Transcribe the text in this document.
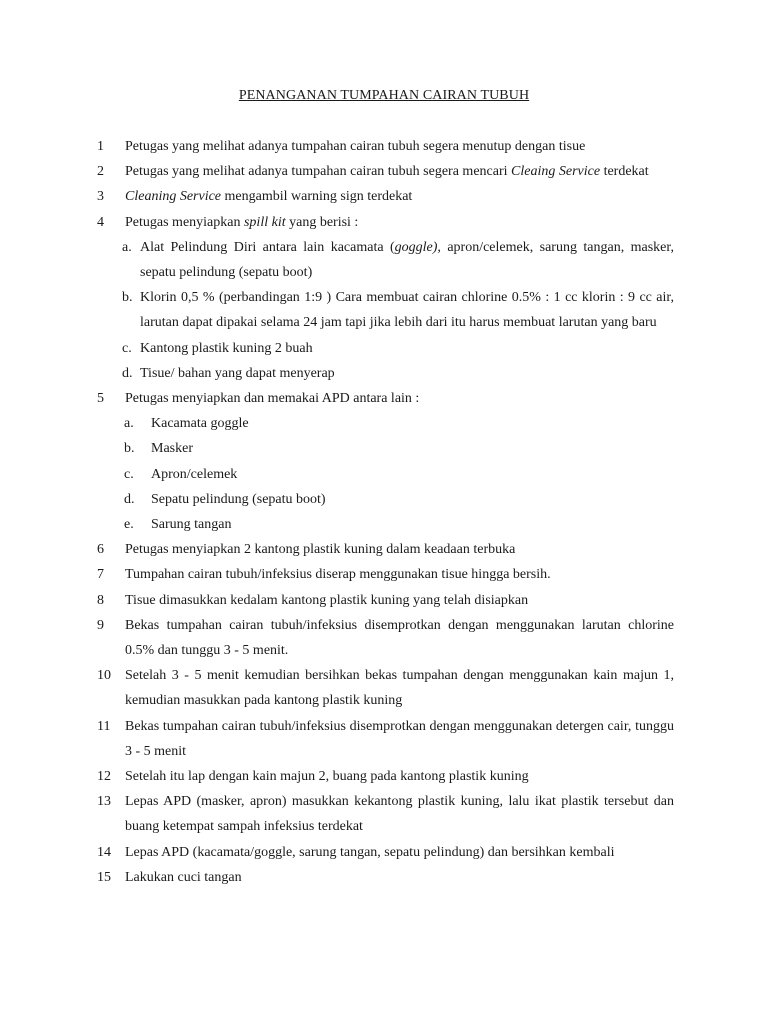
PENANGANAN TUMPAHAN CAIRAN TUBUH
1 Petugas yang melihat adanya tumpahan cairan tubuh segera menutup dengan tisue
2 Petugas yang melihat adanya tumpahan cairan tubuh segera mencari Cleaing Service terdekat
3 Cleaning Service mengambil warning sign terdekat
4 Petugas menyiapkan spill kit yang berisi :
a. Alat Pelindung Diri antara lain kacamata (goggle), apron/celemek, sarung tangan, masker, sepatu pelindung (sepatu boot)
b. Klorin 0,5 % (perbandingan 1:9 ) Cara membuat cairan chlorine 0.5% : 1 cc klorin : 9 cc air, larutan dapat dipakai selama 24 jam tapi jika lebih dari itu harus membuat larutan yang baru
c. Kantong plastik kuning 2 buah
d. Tisue/ bahan yang dapat menyerap
5 Petugas menyiapkan dan memakai APD antara lain :
a. Kacamata goggle
b. Masker
c. Apron/celemek
d. Sepatu pelindung (sepatu boot)
e. Sarung tangan
6 Petugas menyiapkan 2 kantong plastik kuning dalam keadaan terbuka
7 Tumpahan cairan tubuh/infeksius diserap menggunakan tisue hingga bersih.
8 Tisue dimasukkan kedalam kantong plastik kuning yang telah disiapkan
9 Bekas tumpahan cairan tubuh/infeksius disemprotkan dengan menggunakan larutan chlorine 0.5% dan tunggu 3 - 5 menit.
10 Setelah 3 - 5 menit kemudian bersihkan bekas tumpahan dengan menggunakan kain majun 1, kemudian masukkan pada kantong plastik kuning
11 Bekas tumpahan cairan tubuh/infeksius disemprotkan dengan menggunakan detergen cair, tunggu 3 - 5 menit
12 Setelah itu lap dengan kain majun 2, buang pada kantong plastik kuning
13 Lepas APD (masker, apron) masukkan kekantong plastik kuning, lalu ikat plastik tersebut dan buang ketempat sampah infeksius terdekat
14 Lepas APD (kacamata/goggle, sarung tangan, sepatu pelindung) dan bersihkan kembali
15 Lakukan cuci tangan
